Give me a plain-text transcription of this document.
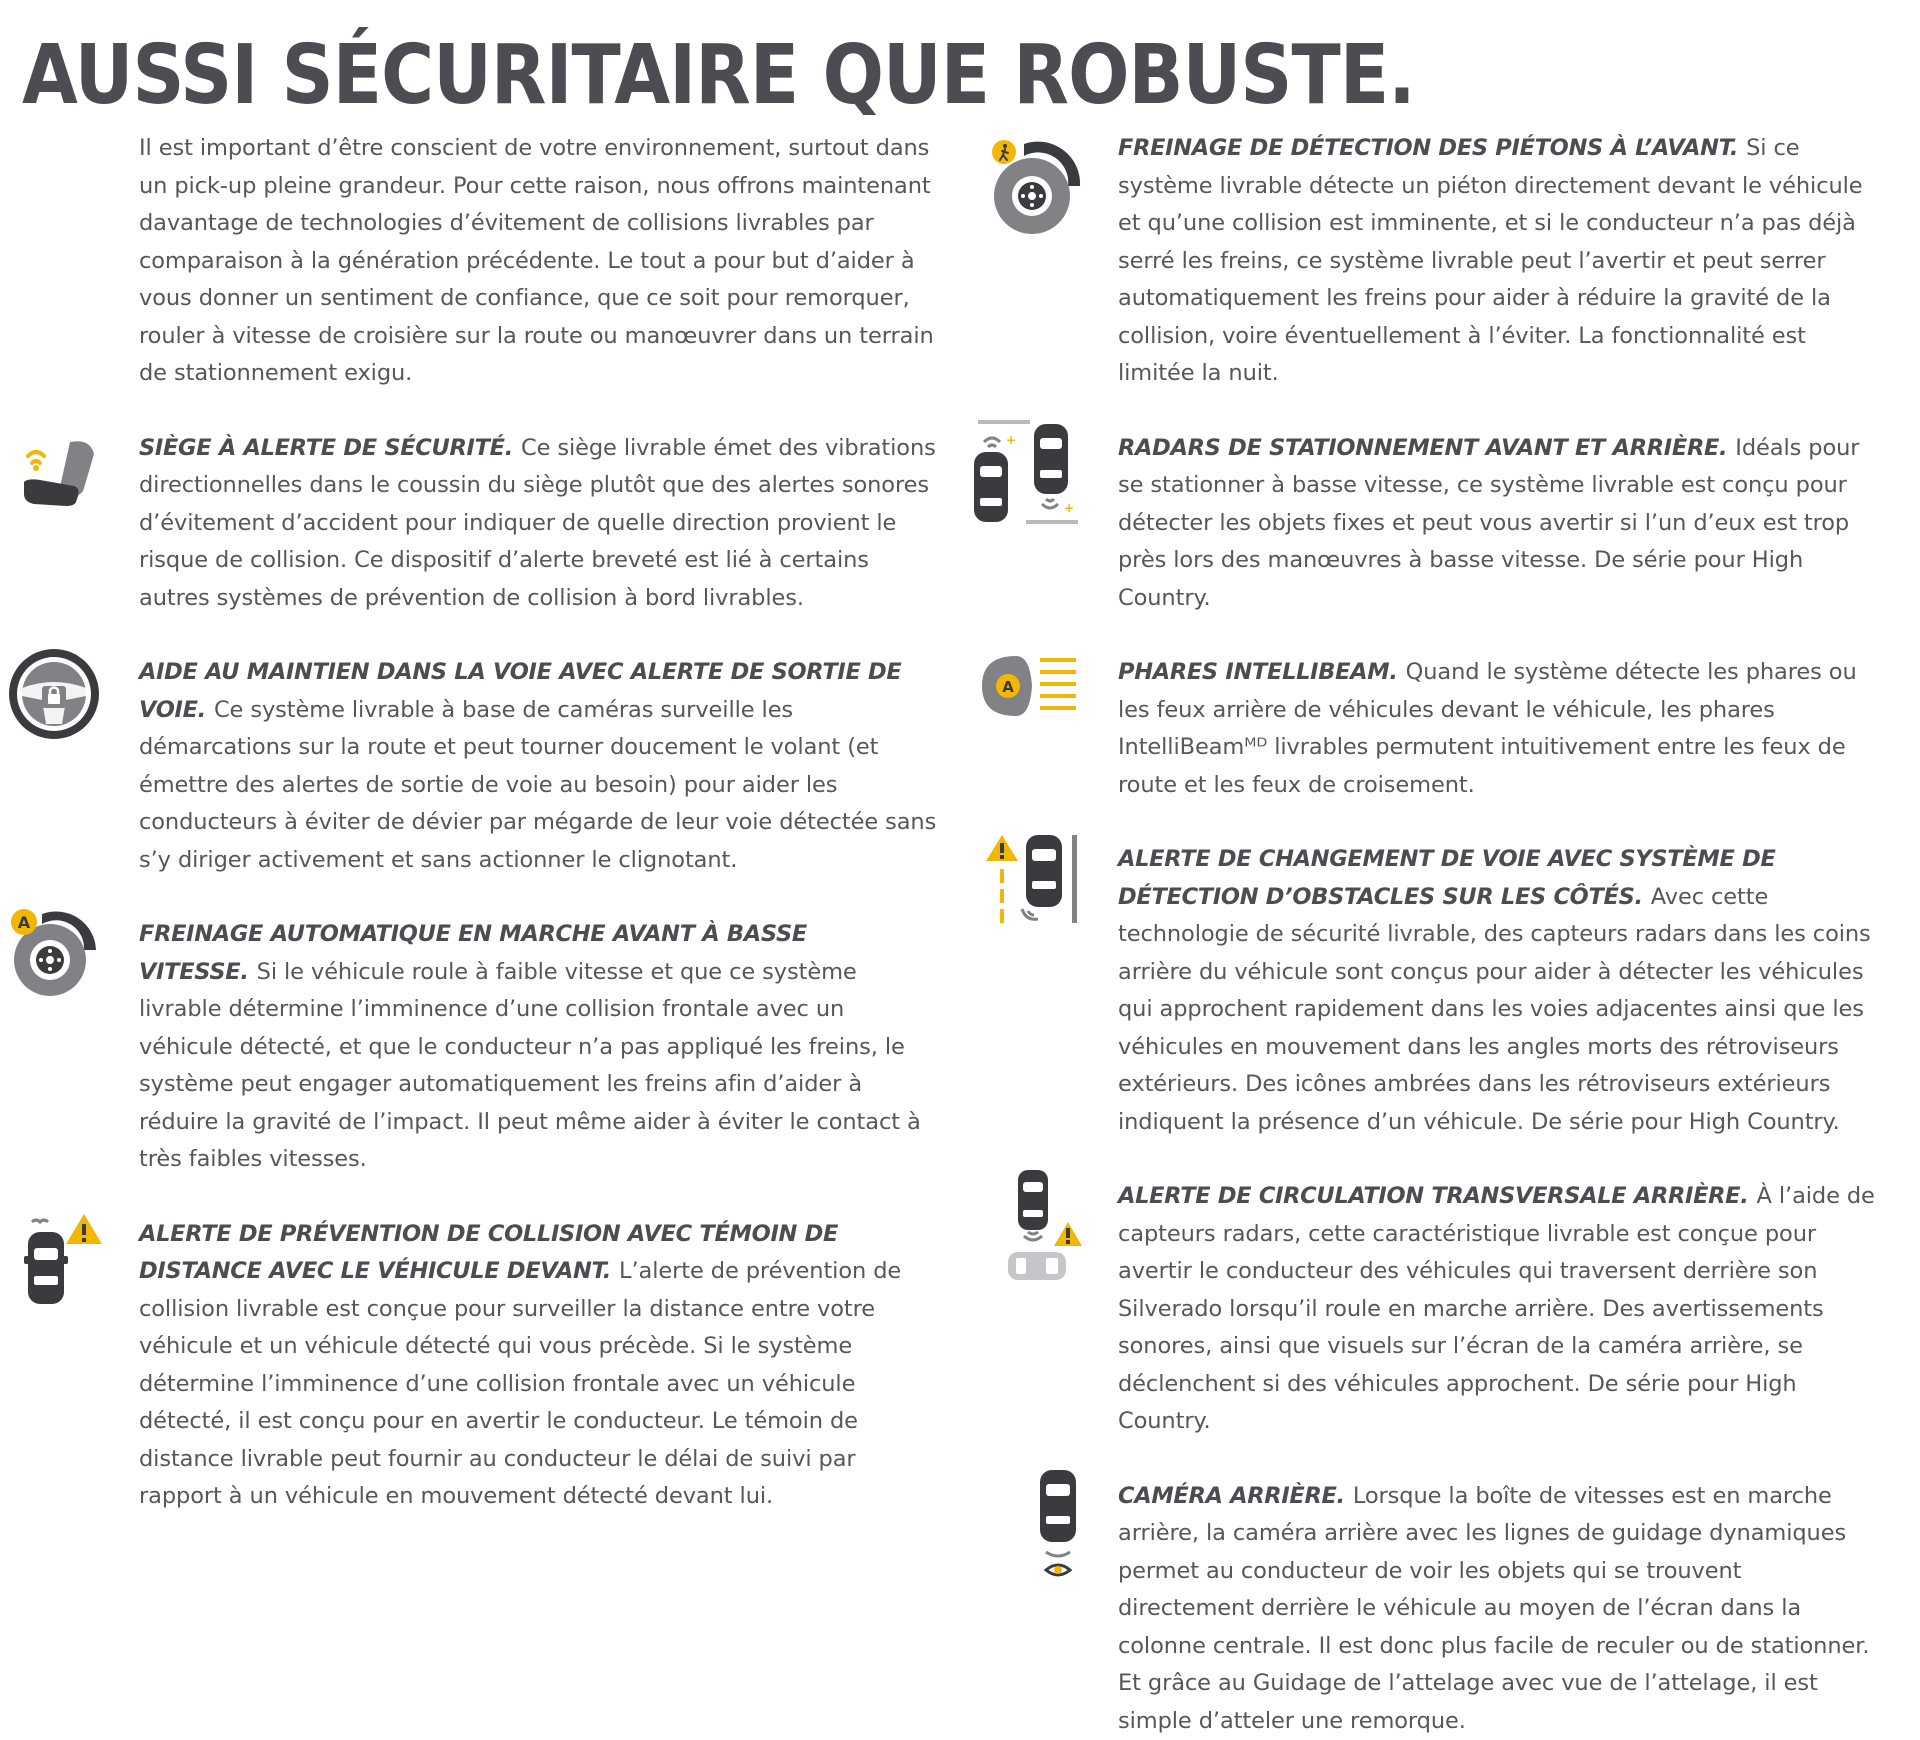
AUSSI SÉCURITAIRE QUE ROBUSTE.
Il est important d’être conscient de votre environnement, surtout dans un pick-up pleine grandeur. Pour cette raison, nous offrons maintenant davantage de technologies d’évitement de collisions livrables par comparaison à la génération précédente. Le tout a pour but d’aider à vous donner un sentiment de confiance, que ce soit pour remorquer, rouler à vitesse de croisière sur la route ou manœuvrer dans un terrain de stationnement exigu.
SIÈGE À ALERTE DE SÉCURITÉ. Ce siège livrable émet des vibrations directionnelles dans le coussin du siège plutôt que des alertes sonores d’évitement d’accident pour indiquer de quelle direction provient le risque de collision. Ce dispositif d’alerte breveté est lié à certains autres systèmes de prévention de collision à bord livrables.
AIDE AU MAINTIEN DANS LA VOIE AVEC ALERTE DE SORTIE DE VOIE. Ce système livrable à base de caméras surveille les démarcations sur la route et peut tourner doucement le volant (et émettre des alertes de sortie de voie au besoin) pour aider les conducteurs à éviter de dévier par mégarde de leur voie détectée sans s’y diriger activement et sans actionner le clignotant.
A	FREINAGE AUTOMATIQUE EN MARCHE AVANT À BASSE VITESSE. Si le véhicule roule à faible vitesse et que ce système livrable détermine l’imminence d’une collision frontale avec un véhicule détecté, et que le conducteur n’a pas appliqué les freins, le système peut engager automatiquement les freins afin d’aider à réduire la gravité de l’impact. Il peut même aider à éviter le contact à très faibles vitesses.
ALERTE DE PRÉVENTION DE COLLISION AVEC TÉMOIN DE DISTANCE AVEC LE VÉHICULE DEVANT. L’alerte de prévention de collision livrable est conçue pour surveiller la distance entre votre véhicule et un véhicule détecté qui vous précède. Si le système détermine l’imminence d’une collision frontale avec un véhicule détecté, il est conçu pour en avertir le conducteur. Le témoin de distance livrable peut fournir au conducteur le délai de suivi par rapport à un véhicule en mouvement détecté devant lui.
FREINAGE DE DÉTECTION DES PIÉTONS À L’AVANT. Si ce système livrable détecte un piéton directement devant le véhicule et qu’une collision est imminente, et si le conducteur n’a pas déjà serré les freins, ce système livrable peut l’avertir et peut serrer automatiquement les freins pour aider à réduire la gravité de la collision, voire éventuellement à l’éviter. La fonctionnalité est limitée la nuit.
+
+
RADARS DE STATIONNEMENT AVANT ET ARRIÈRE. Idéals pour se stationner à basse vitesse, ce système livrable est conçu pour détecter les objets fixes et peut vous avertir si l’un d’eux est trop près lors des manœuvres à basse vitesse. De série pour High Country.
A
PHARES INTELLIBEAM. Quand le système détecte les phares ou les feux arrière de véhicules devant le véhicule, les phares IntelliBeamᴹᴰ livrables permutent intuitivement entre les feux de route et les feux de croisement.
ALERTE DE CHANGEMENT DE VOIE AVEC SYSTÈME DE DÉTECTION D’OBSTACLES SUR LES CÔTÉS. Avec cette technologie de sécurité livrable, des capteurs radars dans les coins arrière du véhicule sont conçus pour aider à détecter les véhicules qui approchent rapidement dans les voies adjacentes ainsi que les véhicules en mouvement dans les angles morts des rétroviseurs extérieurs. Des icônes ambrées dans les rétroviseurs extérieurs indiquent la présence d’un véhicule. De série pour High Country.
ALERTE DE CIRCULATION TRANSVERSALE ARRIÈRE. À l’aide de capteurs radars, cette caractéristique livrable est conçue pour avertir le conducteur des véhicules qui traversent derrière son Silverado lorsqu’il roule en marche arrière. Des avertissements sonores, ainsi que visuels sur l’écran de la caméra arrière, se déclenchent si des véhicules approchent. De série pour High Country.
CAMÉRA ARRIÈRE. Lorsque la boîte de vitesses est en marche arrière, la caméra arrière avec les lignes de guidage dynamiques permet au conducteur de voir les objets qui se trouvent directement derrière le véhicule au moyen de l’écran dans la colonne centrale. Il est donc plus facile de reculer ou de stationner. Et grâce au Guidage de l’attelage avec vue de l’attelage, il est simple d’atteler une remorque.
